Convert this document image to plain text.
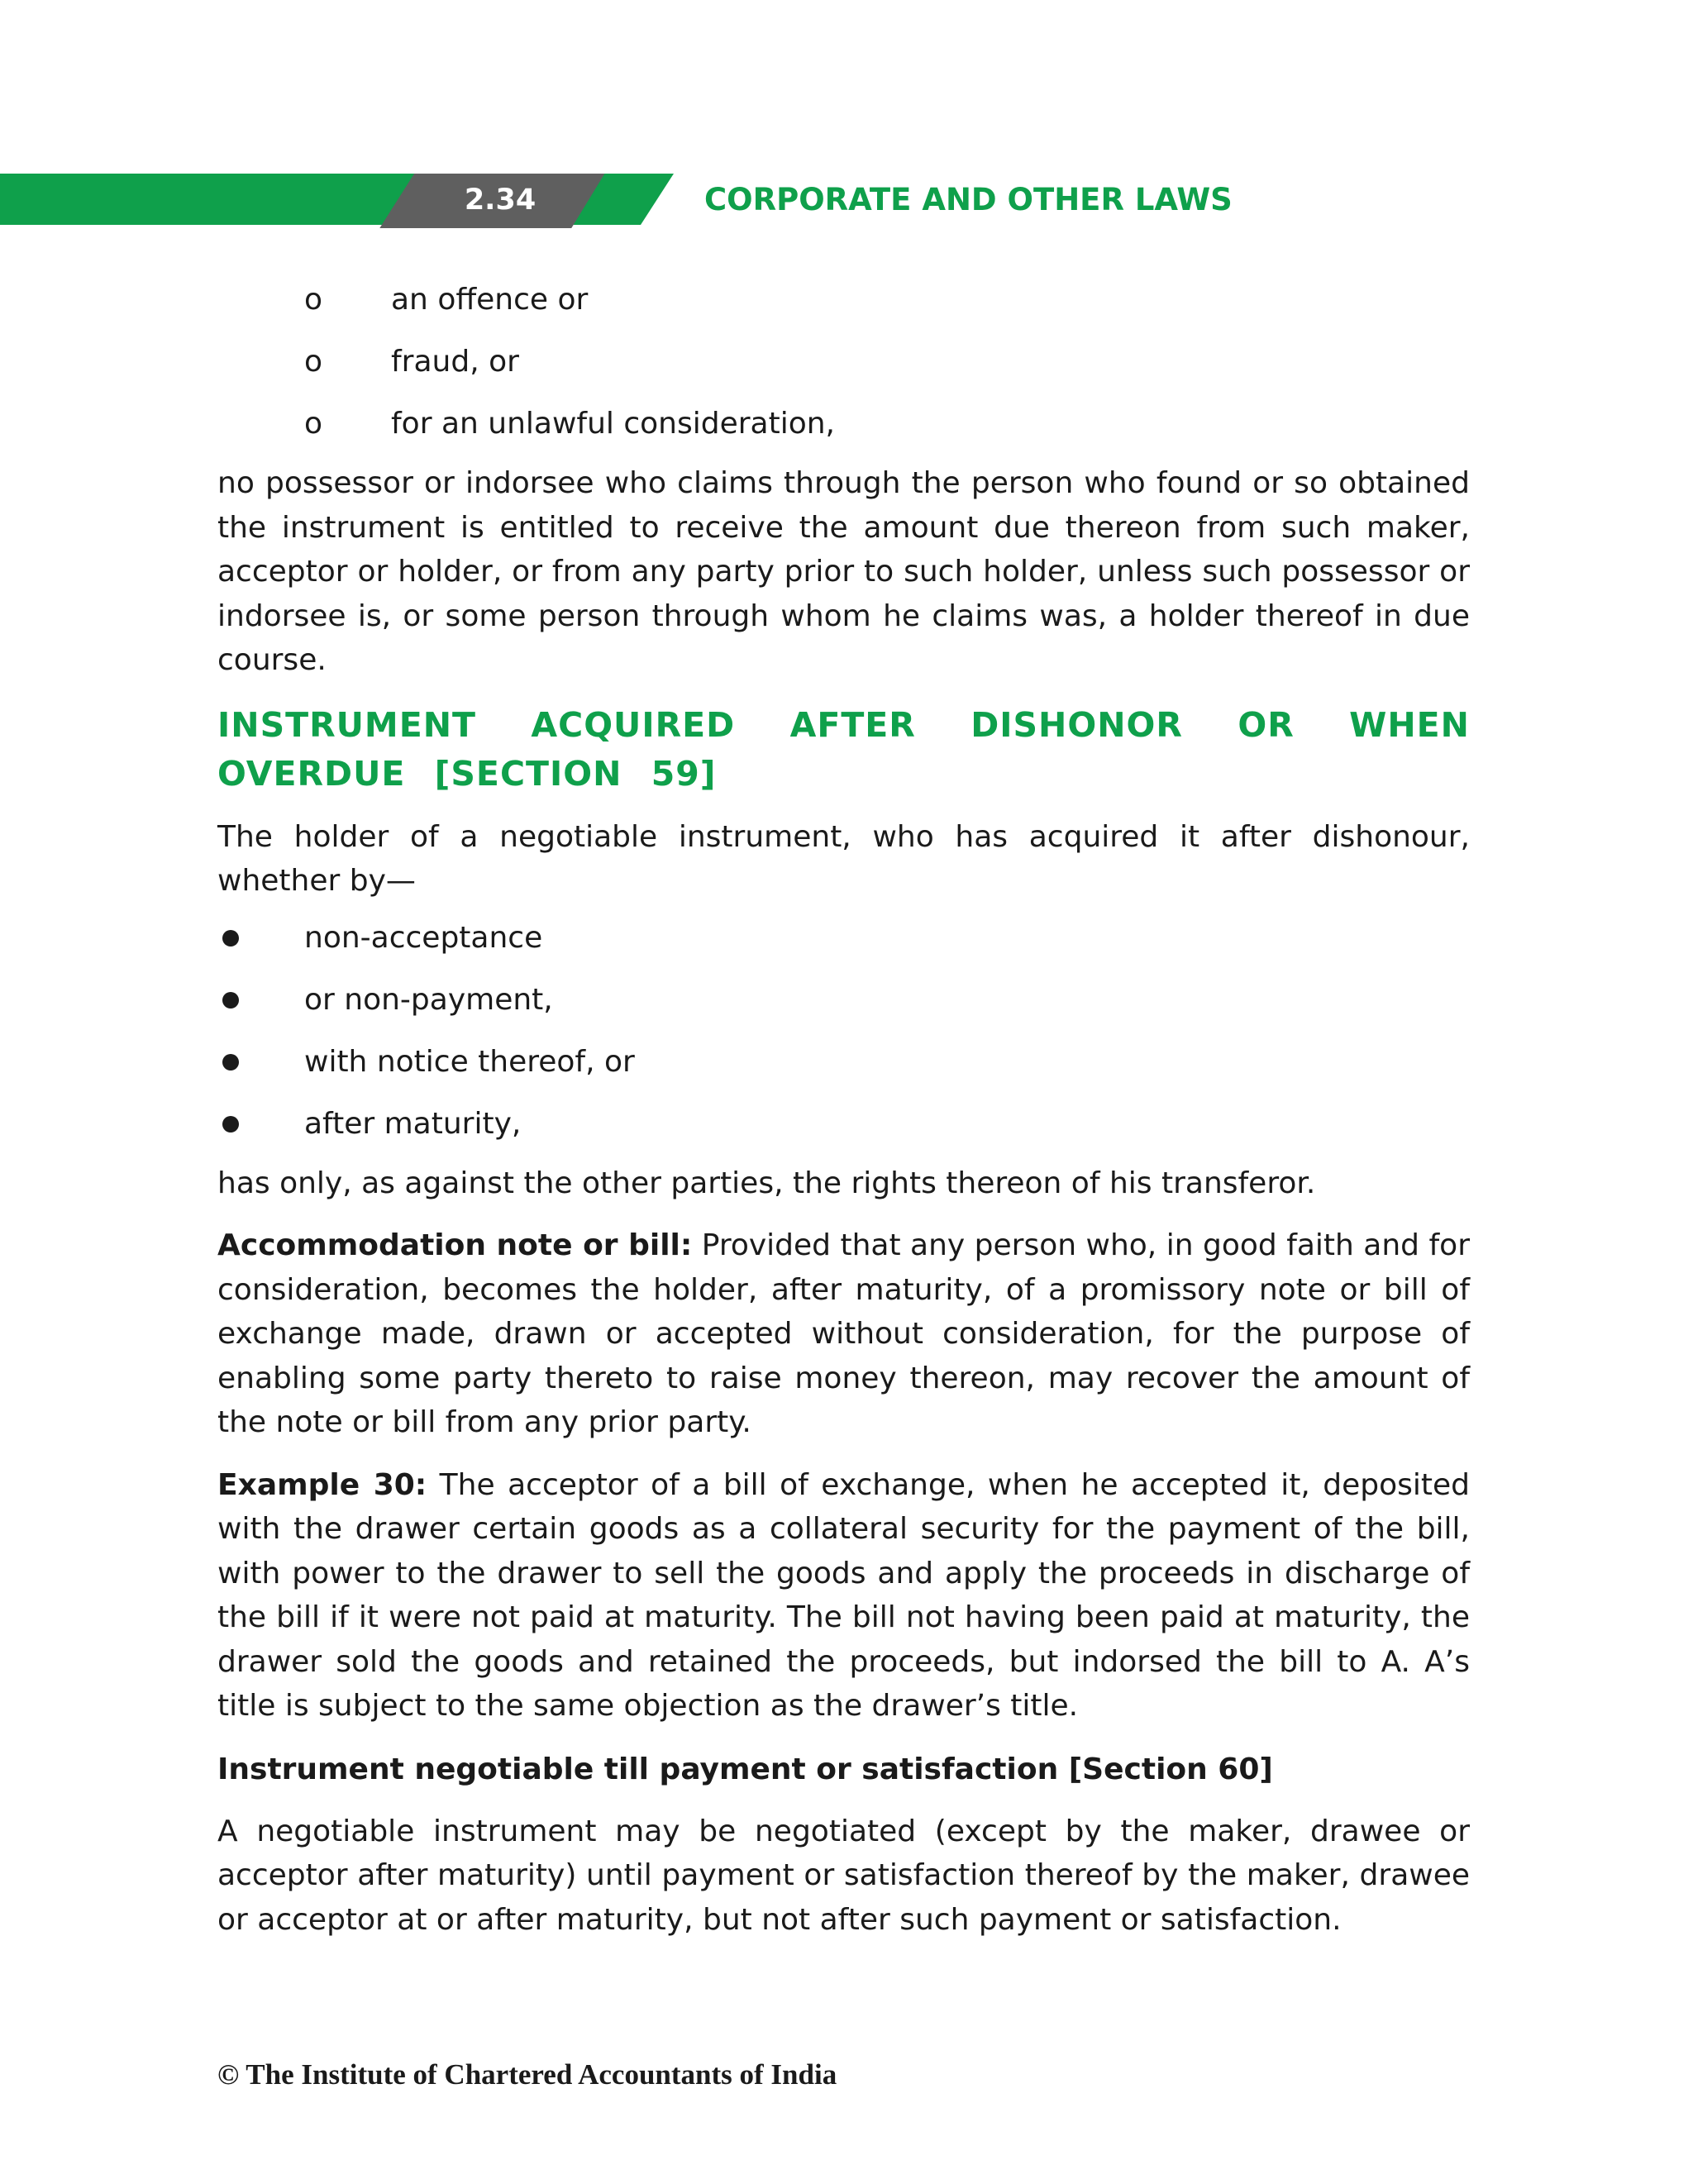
2.34	CORPORATE AND OTHER LAWS
o an offence or
o fraud, or
o for an unlawful consideration,

no possessor or indorsee who claims through the person who found or so obtained the instrument is entitled to receive the amount due thereon from such maker, acceptor or holder, or from any party prior to such holder, unless such possessor or indorsee is, or some person through whom he claims was, a holder thereof in due course.

INSTRUMENT ACQUIRED AFTER DISHONOR OR WHEN OVERDUE [SECTION 59]

The holder of a negotiable instrument, who has acquired it after dishonour, whether by—

non-acceptance
or non-payment,
with notice thereof, or
after maturity,

has only, as against the other parties, the rights thereon of his transferor.

Accommodation note or bill: Provided that any person who, in good faith and for consideration, becomes the holder, after maturity, of a promissory note or bill of exchange made, drawn or accepted without consideration, for the purpose of enabling some party thereto to raise money thereon, may recover the amount of the note or bill from any prior party.

Example 30: The acceptor of a bill of exchange, when he accepted it, deposited with the drawer certain goods as a collateral security for the payment of the bill, with power to the drawer to sell the goods and apply the proceeds in discharge of the bill if it were not paid at maturity. The bill not having been paid at maturity, the drawer sold the goods and retained the proceeds, but indorsed the bill to A. A’s title is subject to the same objection as the drawer’s title.

Instrument negotiable till payment or satisfaction [Section 60]

A negotiable instrument may be negotiated (except by the maker, drawee or acceptor after maturity) until payment or satisfaction thereof by the maker, drawee or acceptor at or after maturity, but not after such payment or satisfaction.

© The Institute of Chartered Accountants of India
